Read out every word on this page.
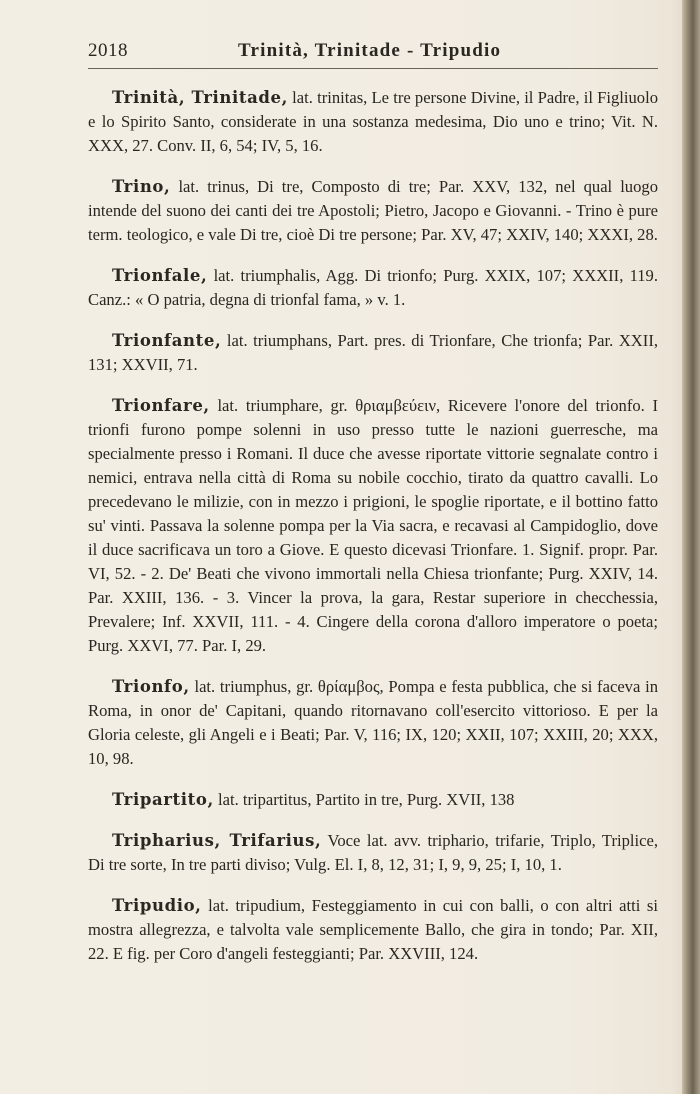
2018	Trinità, Trinitade - Tripudio

Trinità, Trinitade, lat. trinitas, Le tre persone Divine, il Padre, il Figliuolo e lo Spirito Santo, considerate in una sostanza medesima, Dio uno e trino; Vit. N. XXX, 27. Conv. II, 6, 54; IV, 5, 16.

Trino, lat. trinus, Di tre, Composto di tre; Par. XXV, 132, nel qual luogo intende del suono dei canti dei tre Apostoli; Pietro, Jacopo e Giovanni. - Trino è pure term. teologico, e vale Di tre, cioè Di tre persone; Par. XV, 47; XXIV, 140; XXXI, 28.

Trionfale, lat. triumphalis, Agg. Di trionfo; Purg. XXIX, 107; XXXII, 119. Canz.: « O patria, degna di trionfal fama, » v. 1.

Trionfante, lat. triumphans, Part. pres. di Trionfare, Che trionfa; Par. XXII, 131; XXVII, 71.

Trionfare, lat. triumphare, gr. θριαμβεύειν, Ricevere l'onore del trionfo. I trionfi furono pompe solenni in uso presso tutte le nazioni guerresche, ma specialmente presso i Romani. Il duce che avesse riportate vittorie segnalate contro i nemici, entrava nella città di Roma su nobile cocchio, tirato da quattro cavalli. Lo precedevano le milizie, con in mezzo i prigioni, le spoglie riportate, e il bottino fatto su' vinti. Passava la solenne pompa per la Via sacra, e recavasi al Campidoglio, dove il duce sacrificava un toro a Giove. E questo dicevasi Trionfare. 1. Signif. propr. Par. VI, 52. - 2. De' Beati che vivono immortali nella Chiesa trionfante; Purg. XXIV, 14. Par. XXIII, 136. - 3. Vincer la prova, la gara, Restar superiore in checchessia, Prevalere; Inf. XXVII, 111. - 4. Cingere della corona d'alloro imperatore o poeta; Purg. XXVI, 77. Par. I, 29.

Trionfo, lat. triumphus, gr. θρίαμβος, Pompa e festa pubblica, che si faceva in Roma, in onor de' Capitani, quando ritornavano coll'esercito vittorioso. E per la Gloria celeste, gli Angeli e i Beati; Par. V, 116; IX, 120; XXII, 107; XXIII, 20; XXX, 10, 98.

Tripartito, lat. tripartitus, Partito in tre, Purg. XVII, 138

Tripharius, Trifarius, Voce lat. avv. triphario, trifarie, Triplo, Triplice, Di tre sorte, In tre parti diviso; Vulg. El. I, 8, 12, 31; I, 9, 9, 25; I, 10, 1.

Tripudio, lat. tripudium, Festeggiamento in cui con balli, o con altri atti si mostra allegrezza, e talvolta vale semplicemente Ballo, che gira in tondo; Par. XII, 22. E fig. per Coro d'angeli festeggianti; Par. XXVIII, 124.
